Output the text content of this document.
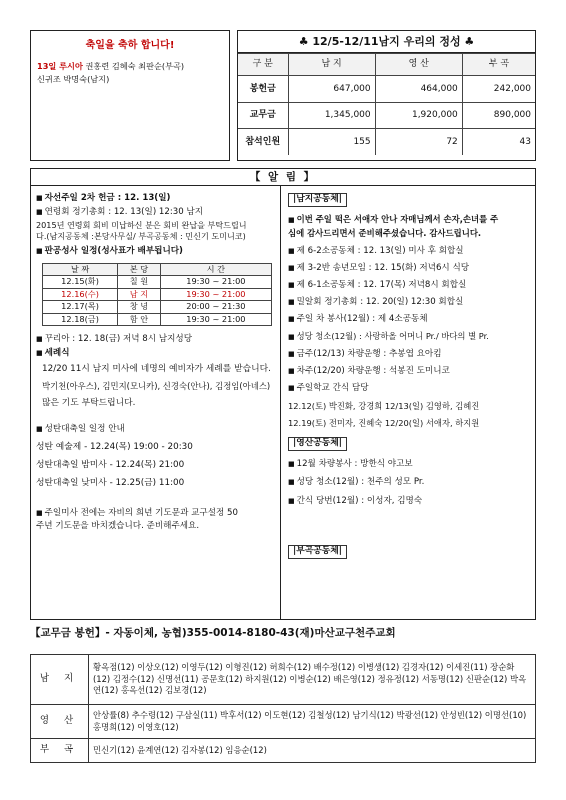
축일을 축하 합니다!
13일 루시아 권홍련 김혜숙 최판순(부곡)
신귀조 박명숙(남지)
♣ 12/5-12/11남지 우리의 정성 ♣
구 분	남 지	영 산	부 곡
봉헌금	647,000	464,000	242,000
교무금	1,345,000	1,920,000	890,000
참석인원	155	72	43
【 알 림 】
■ 자선주일 2차 헌금 : 12. 13(일)
■ 연령회 정기총회 : 12. 13(일) 12:30 남지
2015년 연령회 회비 미납하신 분은 회비 완납을 부탁드립니
다.(남지공동체 :본당사무실/ 부곡공동체 : 민신기 도미니코)
■ 판공성사 일정(성사표가 배부됩니다)
날 짜	본 당	시 간
12.15(화)	칠 원	19:30 ~ 21:00
12.16(수)	남 지	19:30 ~ 21:00
12.17(목)	창 녕	20:00 ~ 21:30
12.18(금)	함 안	19:30 ~ 21:00
■ 꾸리아 : 12. 18(금) 저녁 8시 남지성당
■ 세례식
12/20 11시 남지 미사에 네명의 예비자가 세례를 받습니다.
박기천(아우스), 김민지(모니카), 신경숙(안나), 김정임(아네스)
많은 기도 부탁드립니다.
■ 성탄대축일 일정 안내
성탄 예술제 - 12.24(목) 19:00 - 20:30
성탄대축일 밤미사 - 12.24(목) 21:00
성탄대축일 낮미사 - 12.25(금) 11:00
■ 주일미사 전에는 자비의 희년 기도문과 교구설정 50
주년 기도문을 바치겠습니다. 준비해주세요.
|남지공동체|
■ 이번 주일 떡은 서애자 안나 자매님께서 손자,손녀를 주
심에 감사드리면서 준비해주셨습니다. 감사드립니다.
■ 제 6-2소공동체 : 12. 13(일) 미사 후 회합실
■ 제 3-2반 송년모임 : 12. 15(화) 저녁6시 식당
■ 제 6-1소공동체 : 12. 17(목) 저녁8시 회합실
■ 밀알회 정기총회 : 12. 20(일) 12:30 회합실
■ 주일 차 봉사(12월) : 제 4소공동체
■ 성당 청소(12월) : 사랑하올 어머니 Pr./ 바다의 별 Pr.
■ 금주(12/13) 차량운행 : 추봉엽 요아킴
■ 차주(12/20) 차량운행 : 석봉진 도미니코
■ 주일학교 간식 담당
12.12(토) 박진화, 강경희 12/13(일) 김영하, 김혜진
12.19(토) 전미자, 진혜숙 12/20(일) 서애자, 하지원
|영산공동체|
■ 12월 차량봉사 : 방한식 야고보
■ 성당 청소(12월) : 천주의 성모 Pr.
■ 간식 당번(12월) : 이성자, 김명숙
|부곡공동체|
【교무금 봉헌】- 자동이체, 농협)355-0014-8180-43(재)마산교구천주교회
남 지	황옥점(12) 이상오(12) 이영두(12) 이형진(12) 허희수(12) 배수정(12) 이병생(12) 김경자(12) 이세진(11) 장순화(12) 김정수(12) 신명선(11) 공문호(12) 하지원(12) 이병순(12) 배은영(12) 정유정(12) 서동명(12) 신판순(12) 박옥연(12) 홍옥선(12) 김보경(12)
영 산	안상률(8) 추수령(12) 구삼실(11) 박후서(12) 이도현(12) 김철성(12) 남기식(12) 박광선(12) 안성빈(12) 이명선(10) 홍명희(12) 이영호(12)
부 곡	민신기(12) 윤계연(12) 김자봉(12) 임응순(12)
